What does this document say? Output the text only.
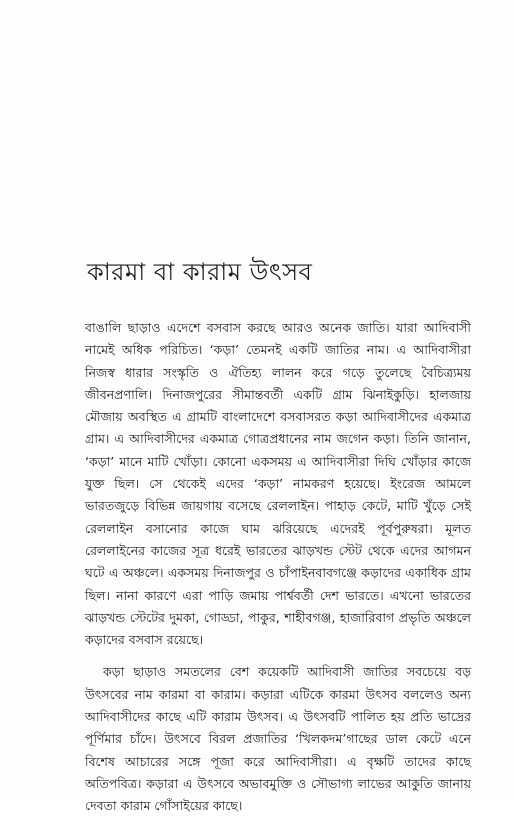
কারমা বা কারাম উৎসব

বাঙালি ছাড়াও এদেশে বসবাস করছে আরও অনেক জাতি। যারা আদিবাসী নামেই অধিক পরিচিত। ‘কড়া’ তেমনই একটি জাতির নাম। এ আদিবাসীরা নিজস্ব ধারার সংস্কৃতি ও ঐতিহ্য লালন করে গড়ে তুলেছে বৈচিত্র্যময় জীবনপ্রণালি। দিনাজপুরের সীমান্তবর্তী একটি গ্রাম ঝিনাইকুড়ি। হালজায় মৌজায় অবস্থিত এ গ্রামটি বাংলাদেশে বসবাসরত কড়া আদিবাসীদের একমাত্র গ্রাম। এ আদিবাসীদের একমাত্র গোত্রপ্রধানের নাম জগেন কড়া। তিনি জানান, ‘কড়া’ মানে মাটি খোঁড়া। কোনো একসময় এ আদিবাসীরা দিঘি খোঁড়ার কাজে যুক্ত ছিল। সে থেকেই এদের ‘কড়া’ নামকরণ হয়েছে। ইংরেজ আমলে ভারতজুড়ে বিভিন্ন জায়গায় বসেছে রেললাইন। পাহাড় কেটে, মাটি খুঁড়ে সেই রেললাইন বসানোর কাজে ঘাম ঝরিয়েছে এদেরই পূর্বপুরুষরা। মূলত রেললাইনের কাজের সূত্র ধরেই ভারতের ঝাড়খন্ড স্টেট থেকে এদের আগমন ঘটে এ অঞ্চলে। একসময় দিনাজপুর ও চাঁপাইনবাবগঞ্জে কড়াদের একাধিক গ্রাম ছিল। নানা কারণে এরা পাড়ি জমায় পার্শ্ববর্তী দেশ ভারতে। এখনো ভারতের ঝাড়খন্ড স্টেটের দুমকা, গোড্ডা, পাকুর, শাহীবগঞ্জ, হাজারিবাগ প্রভৃতি অঞ্চলে কড়াদের বসবাস রয়েছে।

কড়া ছাড়াও সমতলের বেশ কয়েকটি আদিবাসী জাতির সবচেয়ে বড় উৎসবের নাম কারমা বা কারাম। কড়ারা এটিকে কারমা উৎসব বললেও অন্য আদিবাসীদের কাছে এটি কারাম উৎসব। এ উৎসবটি পালিত হয় প্রতি ভাদ্রের পূর্ণিমার চাঁদে। উৎসবে বিরল প্রজাতির ‘খিলকদম’গাছের ডাল কেটে এনে বিশেষ আচারের সঙ্গে পূজা করে আদিবাসীরা। এ বৃক্ষটি তাদের কাছে অতিপবিত্র। কড়ারা এ উৎসবে অভাবমুক্তি ও সৌভাগ্য লাভের আকুতি জানায় দেবতা কারাম গোঁসাইয়ের কাছে।
